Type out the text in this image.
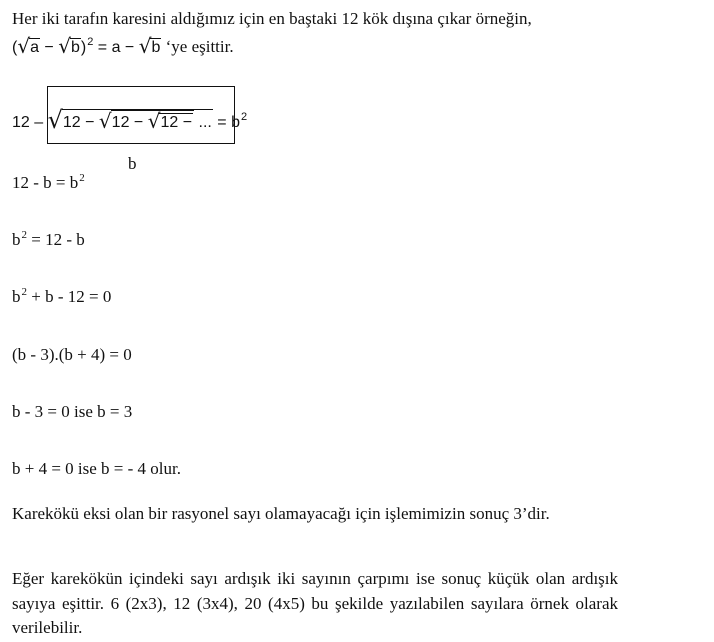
Her iki tarafın karesini aldığımız için en baştaki 12 kök dışına çıkar örneğin,
$(√a - √b)^2 = a - √b$ ‘ye eşittir.
12 – √12 − √12 − √12 − ... = $b^2$
b
$12 - b = b^2$
$b^2 = 12 - b$
$b^2 + b - 12 = 0$
(b - 3).(b + 4) = 0
b - 3 = 0 ise b = 3
b + 4 = 0 ise b = - 4 olur.
Karekökü eksi olan bir rasyonel sayı olamayacağı için işlemimizin sonuç 3’dir.
Eğer karekökün içindeki sayı ardışık iki sayının çarpımı ise sonuç küçük olan ardışık sayıya eşittir. 6 (2x3), 12 (3x4), 20 (4x5) bu şekilde yazılabilen sayılara örnek olarak verilebilir.
